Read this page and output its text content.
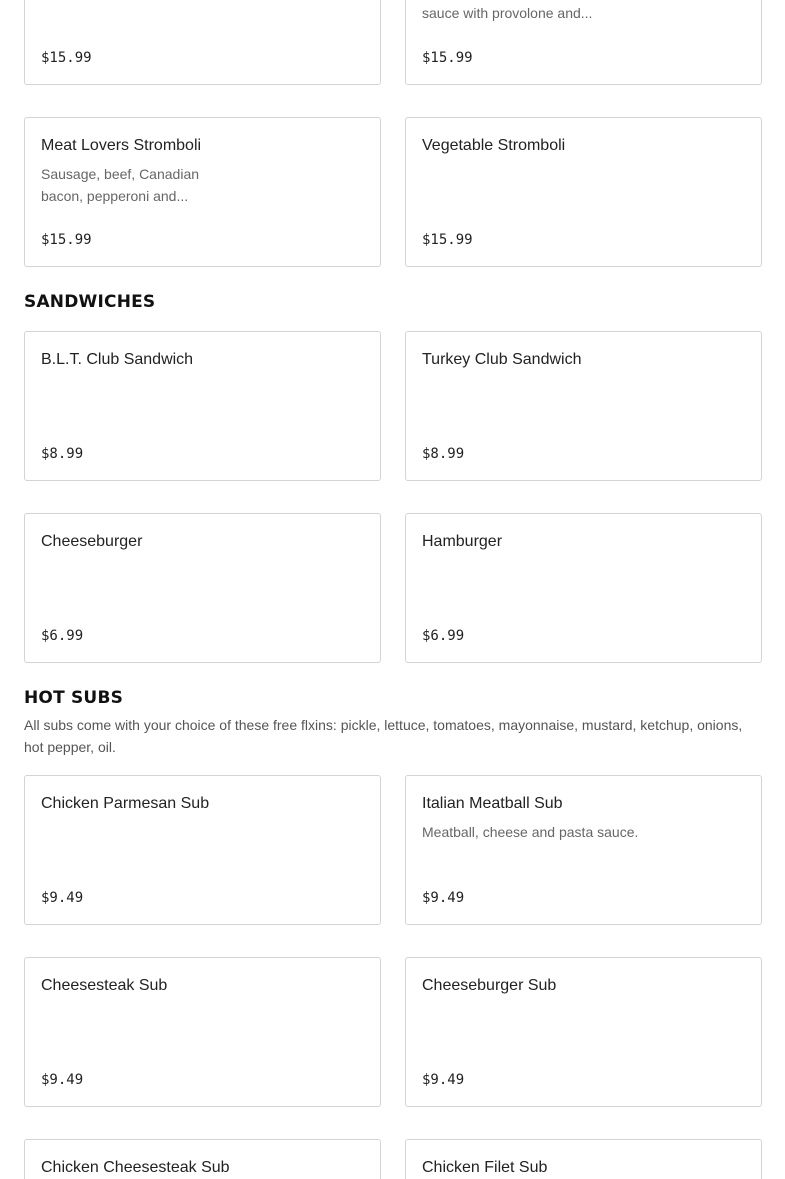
$15.99
sauce with provolone and...
$15.99
Meat Lovers Stromboli
Sausage, beef, Canadian bacon, pepperoni and...
$15.99
Vegetable Stromboli
$15.99
SANDWICHES
B.L.T. Club Sandwich
$8.99
Turkey Club Sandwich
$8.99
Cheeseburger
$6.99
Hamburger
$6.99
HOT SUBS

All subs come with your choice of these free flxins: pickle, lettuce, tomatoes, mayonnaise, mustard, ketchup, onions, hot pepper, oil.

Chicken Parmesan Sub
$9.49
Italian Meatball Sub
Meatball, cheese and pasta sauce.
$9.49
Cheesesteak Sub
$9.49
Cheeseburger Sub
$9.49
Chicken Cheesesteak Sub	Chicken Filet Sub
